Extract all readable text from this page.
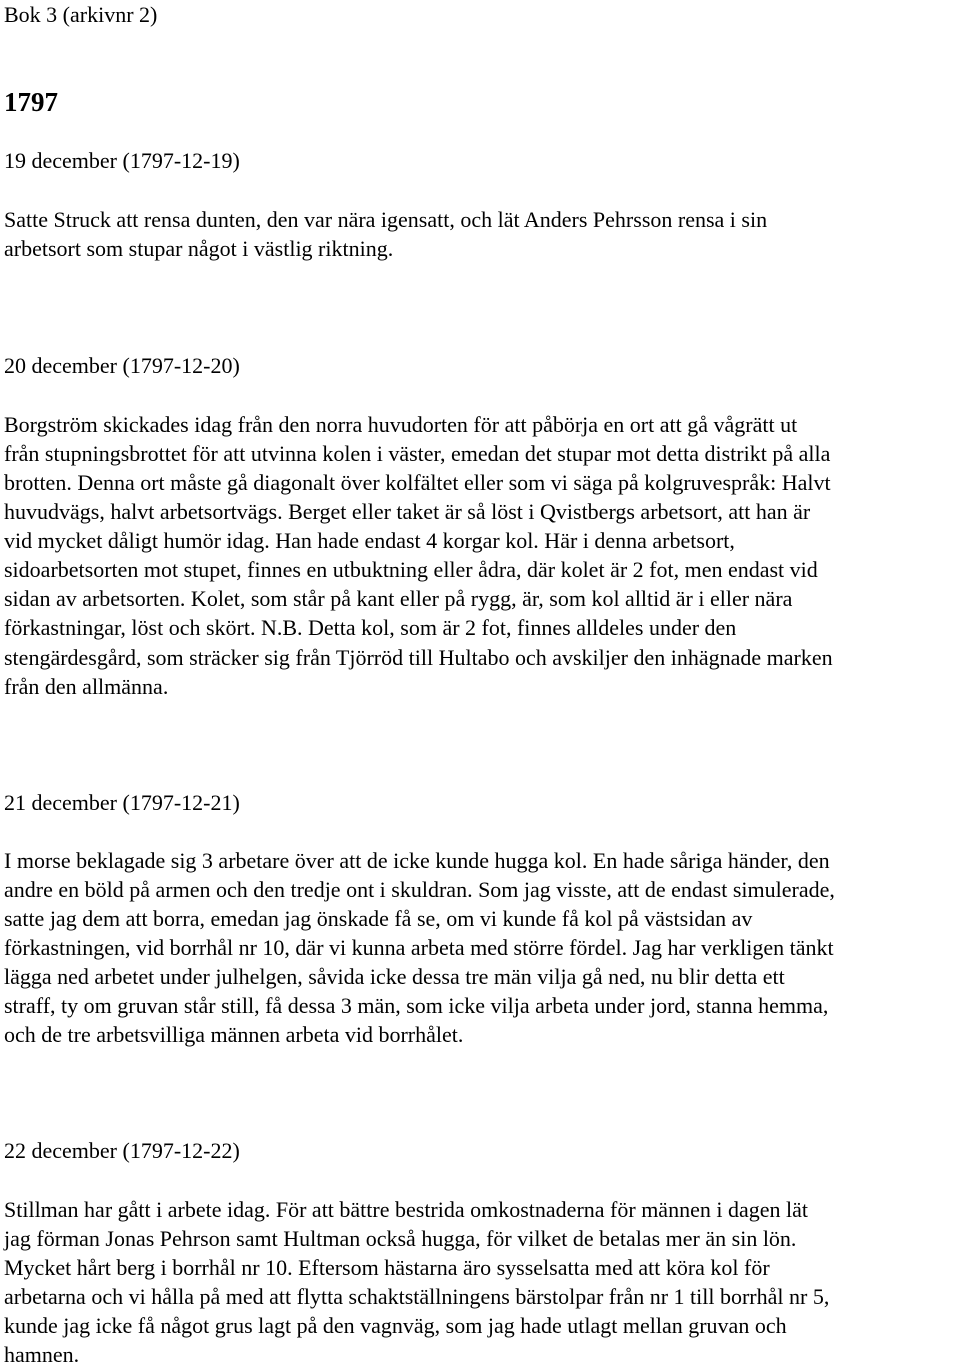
Bok 3 (arkivnr 2)
1797
19 december (1797-12-19)
Satte Struck att rensa dunten, den var nära igensatt, och lät Anders Pehrsson rensa i sin
arbetsort som stupar något i västlig riktning.
20 december (1797-12-20)
Borgström skickades idag från den norra huvudorten för att påbörja en ort att gå vågrätt ut
från stupningsbrottet för att utvinna kolen i väster, emedan det stupar mot detta distrikt på alla
brotten. Denna ort måste gå diagonalt över kolfältet eller som vi säga på kolgruvespråk: Halvt
huvudvägs, halvt arbetsortvägs. Berget eller taket är så löst i Qvistbergs arbetsort, att han är
vid mycket dåligt humör idag. Han hade endast 4 korgar kol. Här i denna arbetsort,
sidoarbetsorten mot stupet, finnes en utbuktning eller ådra, där kolet är 2 fot, men endast vid
sidan av arbetsorten. Kolet, som står på kant eller på rygg, är, som kol alltid är i eller nära
förkastningar, löst och skört. N.B. Detta kol, som är 2 fot, finnes alldeles under den
stengärdesgård, som sträcker sig från Tjörröd till Hultabo och avskiljer den inhägnade marken
från den allmänna.
21 december (1797-12-21)
I morse beklagade sig 3 arbetare över att de icke kunde hugga kol. En hade såriga händer, den
andre en böld på armen och den tredje ont i skuldran. Som jag visste, att de endast simulerade,
satte jag dem att borra, emedan jag önskade få se, om vi kunde få kol på västsidan av
förkastningen, vid borrhål nr 10, där vi kunna arbeta med större fördel. Jag har verkligen tänkt
lägga ned arbetet under julhelgen, såvida icke dessa tre män vilja gå ned, nu blir detta ett
straff, ty om gruvan står still, få dessa 3 män, som icke vilja arbeta under jord, stanna hemma,
och de tre arbetsvilliga männen arbeta vid borrhålet.
22 december (1797-12-22)
Stillman har gått i arbete idag. För att bättre bestrida omkostnaderna för männen i dagen lät
jag förman Jonas Pehrson samt Hultman också hugga, för vilket de betalas mer än sin lön.
Mycket hårt berg i borrhål nr 10. Eftersom hästarna äro sysselsatta med att köra kol för
arbetarna och vi hålla på med att flytta schaktställningens bärstolpar från nr 1 till borrhål nr 5,
kunde jag icke få något grus lagt på den vagnväg, som jag hade utlagt mellan gruvan och
hamnen.
